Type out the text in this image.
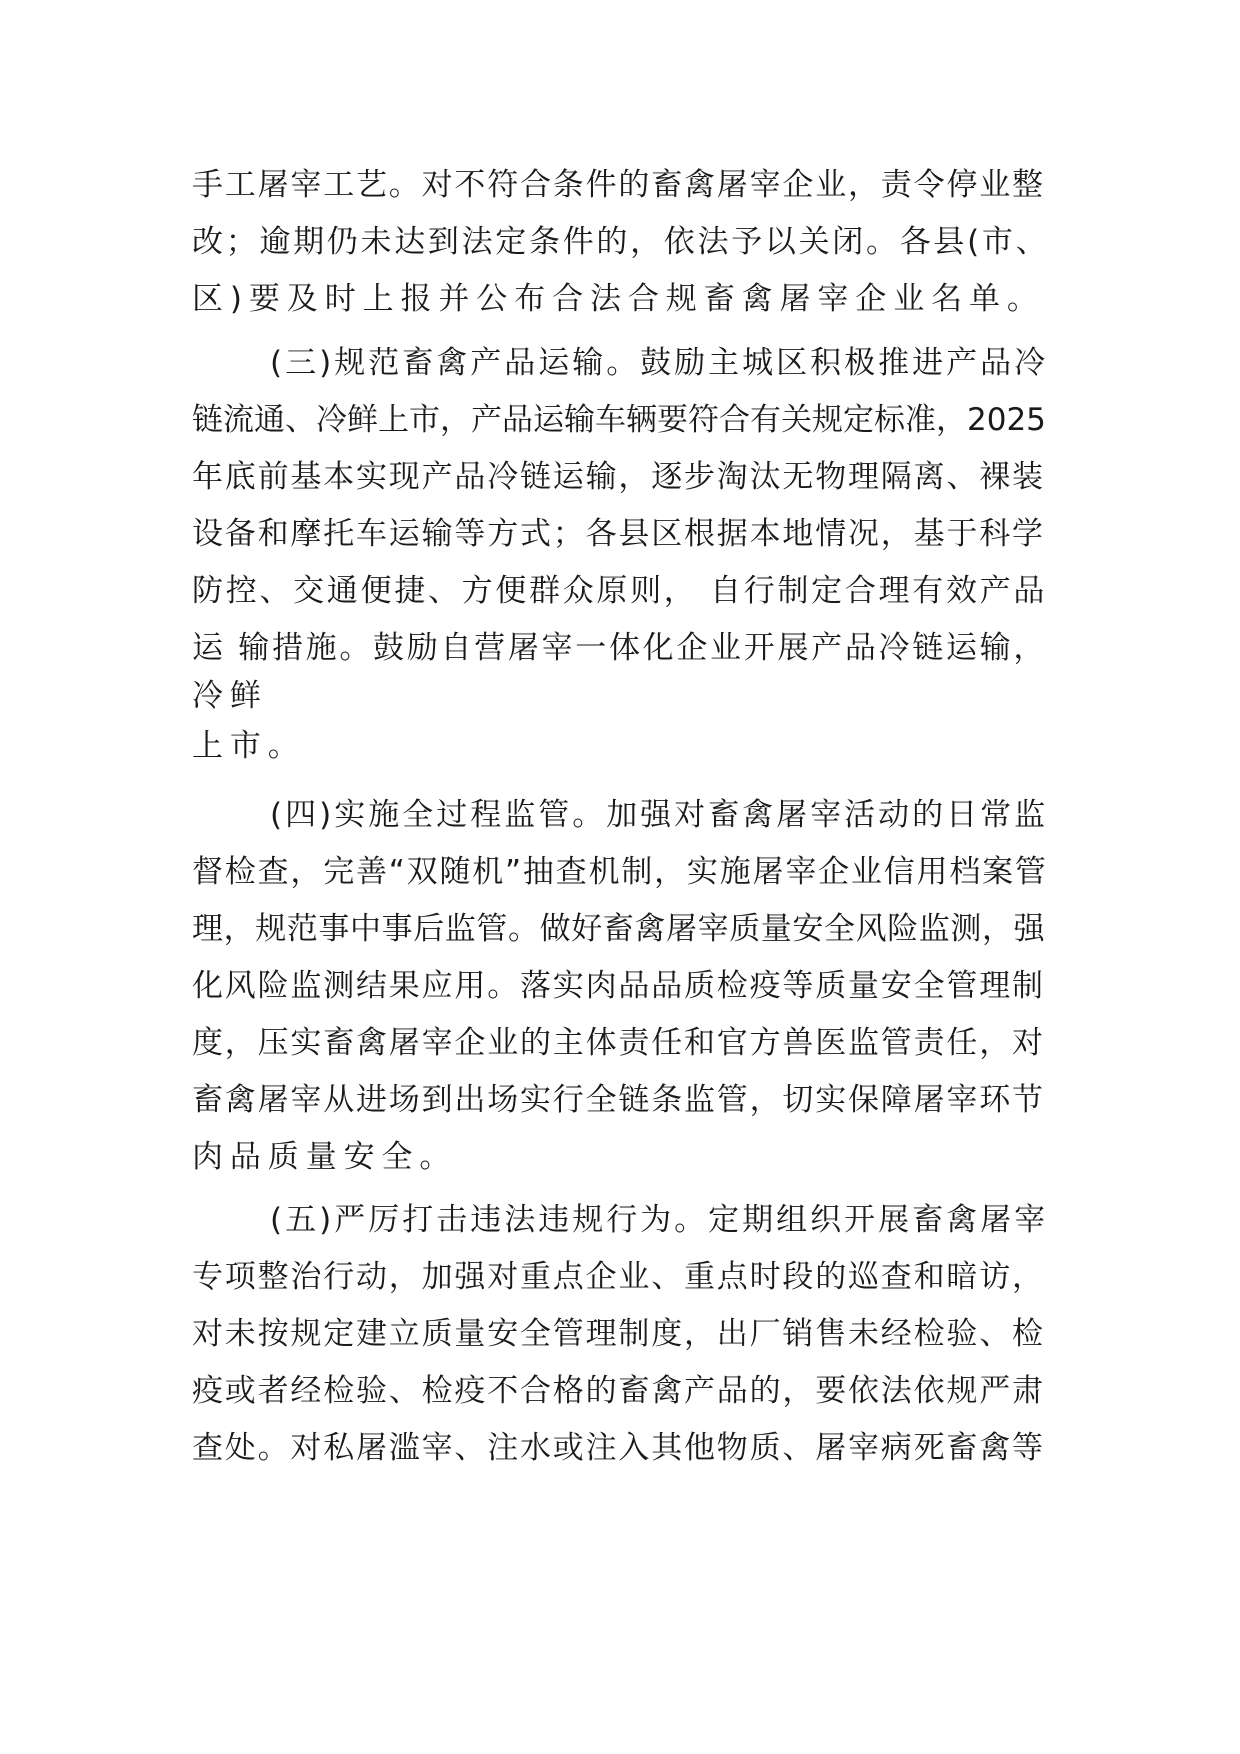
手工屠宰工艺。对不符合条件的畜禽屠宰企业，责令停业整
改；逾期仍未达到法定条件的，依法予以关闭。各县(市、
区)要及时上报并公布合法合规畜禽屠宰企业名单。
(三)规范畜禽产品运输。鼓励主城区积极推进产品冷
链流通、冷鲜上市，产品运输车辆要符合有关规定标准，2025
年底前基本实现产品冷链运输，逐步淘汰无物理隔离、裸装
设备和摩托车运输等方式；各县区根据本地情况，基于科学
防控、交通便捷、方便群众原则， 自行制定合理有效产品
运 输措施。鼓励自营屠宰一体化企业开展产品冷链运输，
冷鲜
上市。
(四)实施全过程监管。加强对畜禽屠宰活动的日常监
督检查，完善“双随机”抽查机制，实施屠宰企业信用档案管
理，规范事中事后监管。做好畜禽屠宰质量安全风险监测，强
化风险监测结果应用。落实肉品品质检疫等质量安全管理制
度，压实畜禽屠宰企业的主体责任和官方兽医监管责任，对
畜禽屠宰从进场到出场实行全链条监管，切实保障屠宰环节
肉品质量安全。
(五)严厉打击违法违规行为。定期组织开展畜禽屠宰
专项整治行动，加强对重点企业、重点时段的巡查和暗访，
对未按规定建立质量安全管理制度，出厂销售未经检验、检
疫或者经检验、检疫不合格的畜禽产品的，要依法依规严肃
查处。对私屠滥宰、注水或注入其他物质、屠宰病死畜禽等
